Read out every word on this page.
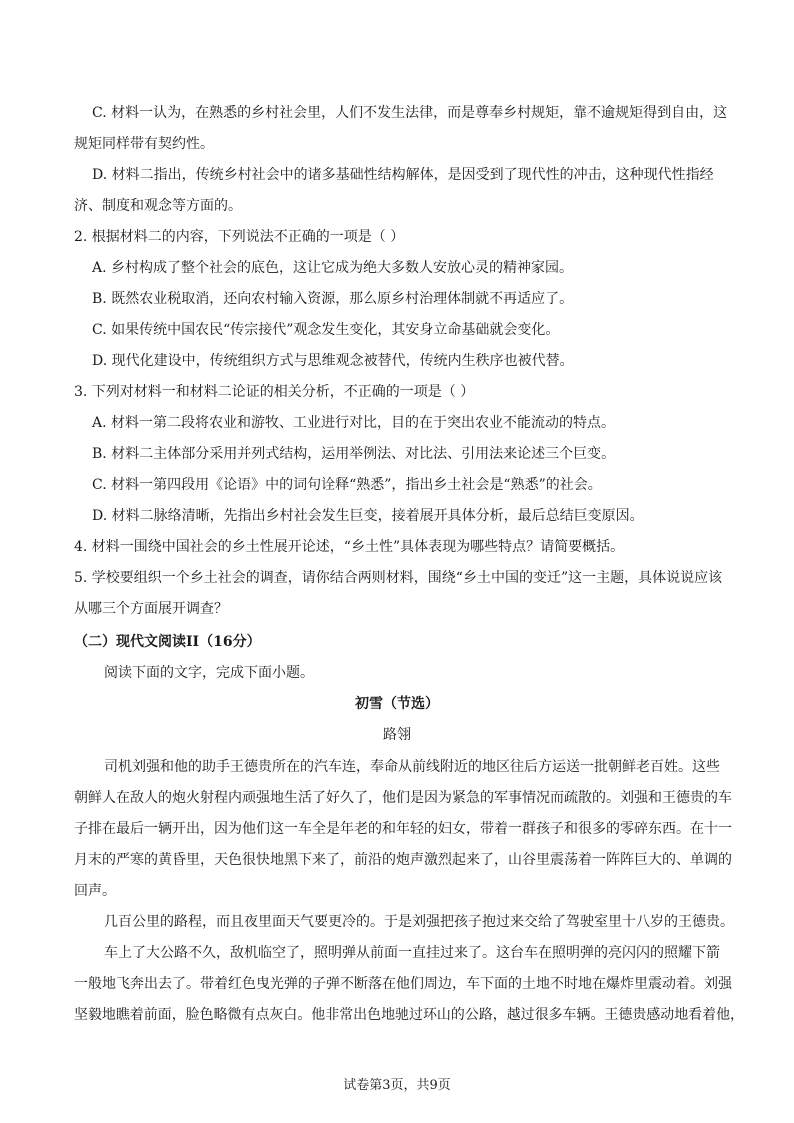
C. 材料一认为，在熟悉的乡村社会里，人们不发生法律，而是尊奉乡村规矩，靠不逾规矩得到自由，这
规矩同样带有契约性。
D. 材料二指出，传统乡村社会中的诸多基础性结构解体，是因受到了现代性的冲击，这种现代性指经
济、制度和观念等方面的。
2. 根据材料二的内容，下列说法不正确的一项是（ ）
A. 乡村构成了整个社会的底色，这让它成为绝大多数人安放心灵的精神家园。
B. 既然农业税取消，还向农村输入资源，那么原乡村治理体制就不再适应了。
C. 如果传统中国农民“传宗接代”观念发生变化，其安身立命基础就会变化。
D. 现代化建设中，传统组织方式与思维观念被替代，传统内生秩序也被代替。
3. 下列对材料一和材料二论证的相关分析，不正确的一项是（ ）
A. 材料一第二段将农业和游牧、工业进行对比，目的在于突出农业不能流动的特点。
B. 材料二主体部分采用并列式结构，运用举例法、对比法、引用法来论述三个巨变。
C. 材料一第四段用《论语》中的词句诠释“熟悉”，指出乡土社会是“熟悉”的社会。
D. 材料二脉络清晰，先指出乡村社会发生巨变，接着展开具体分析，最后总结巨变原因。
4. 材料一围绕中国社会的乡土性展开论述，“乡土性”具体表现为哪些特点？请简要概括。
5. 学校要组织一个乡土社会的调查，请你结合两则材料，围绕“乡土中国的变迁”这一主题，具体说说应该
从哪三个方面展开调查？
（二）现代文阅读II（16分）
阅读下面的文字，完成下面小题。
初雪（节选）
路翎
司机刘强和他的助手王德贵所在的汽车连，奉命从前线附近的地区往后方运送一批朝鲜老百姓。这些
朝鲜人在敌人的炮火射程内顽强地生活了好久了，他们是因为紧急的军事情况而疏散的。刘强和王德贵的车
子排在最后一辆开出，因为他们这一车全是年老的和年轻的妇女，带着一群孩子和很多的零碎东西。在十一
月末的严寒的黄昏里，天色很快地黑下来了，前沿的炮声激烈起来了，山谷里震荡着一阵阵巨大的、单调的
回声。
几百公里的路程，而且夜里面天气要更冷的。于是刘强把孩子抱过来交给了驾驶室里十八岁的王德贵。
车上了大公路不久，敌机临空了，照明弹从前面一直挂过来了。这台车在照明弹的亮闪闪的照耀下箭
一般地飞奔出去了。带着红色曳光弹的子弹不断落在他们周边，车下面的土地不时地在爆炸里震动着。刘强
坚毅地瞧着前面，脸色略微有点灰白。他非常出色地驰过环山的公路，越过很多车辆。王德贵感动地看着他，
试卷第3页，共9页
